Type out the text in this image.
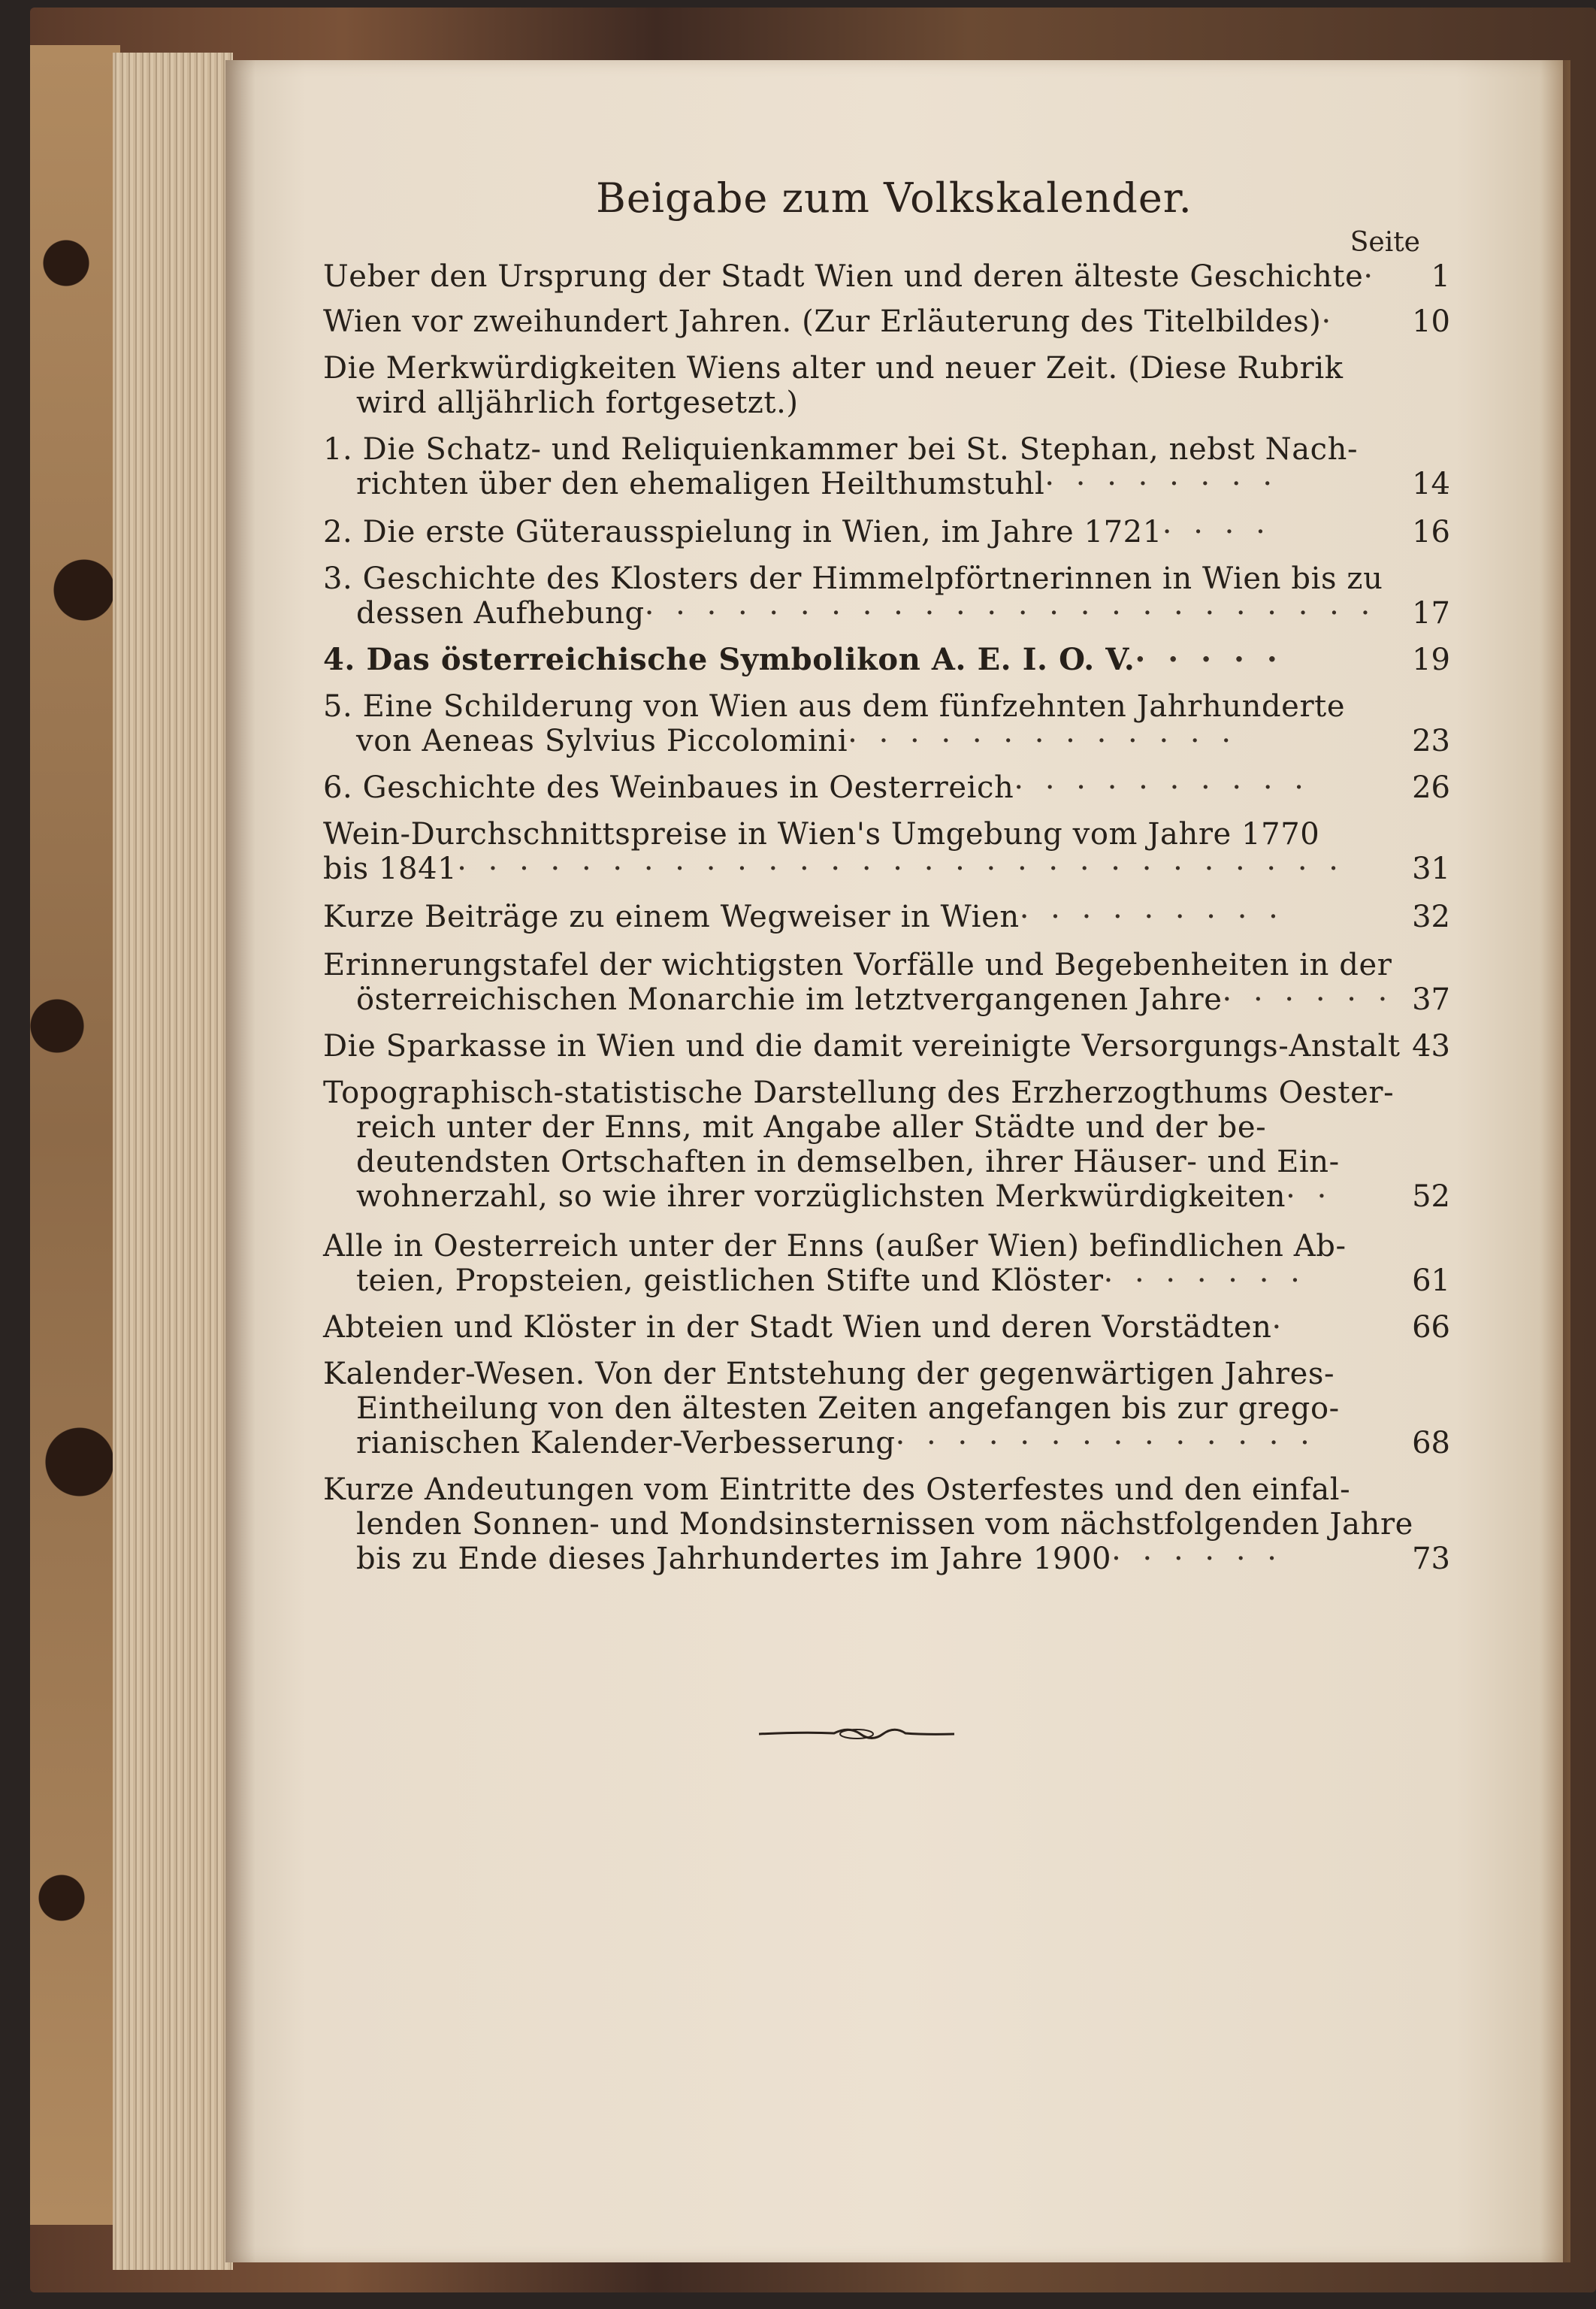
Beigabe zum Volkskalender.
Seite
Ueber den Ursprung der Stadt Wien und deren älteste Geschichte·	1
Wien vor zweihundert Jahren. (Zur Erläuterung des Titelbildes)·	10
Die Merkwürdigkeiten Wiens alter und neuer Zeit. (Diese Rubrik
wird alljährlich fortgesetzt.)
1. Die Schatz- und Reliquienkammer bei St. Stephan, nebst Nach-
richten über den ehemaligen Heilthumstuhl· · · · · · · ·	14
2. Die erste Güterausspielung in Wien, im Jahre 1721· · · ·	16
3. Geschichte des Klosters der Himmelpförtnerinnen in Wien bis zu
dessen Aufhebung· · · · · · · · · · · · · · · · · · · · · · · ·	17
4. Das österreichische Symbolikon A. E. I. O. V.· · · · ·	19
5. Eine Schilderung von Wien aus dem fünfzehnten Jahrhunderte
von Aeneas Sylvius Piccolomini· · · · · · · · · · · · ·	23
6. Geschichte des Weinbaues in Oesterreich· · · · · · · · · ·	26
Wein-Durchschnittspreise in Wien's Umgebung vom Jahre 1770
bis 1841· · · · · · · · · · · · · · · · · · · · · · · · · · · · ·	31
Kurze Beiträge zu einem Wegweiser in Wien· · · · · · · · ·	32
Erinnerungstafel der wichtigsten Vorfälle und Begebenheiten in der
österreichischen Monarchie im letztvergangenen Jahre· · · · · · 37
Die Sparkasse in Wien und die damit vereinigte Versorgungs-Anstalt 43
Topographisch-statistische Darstellung des Erzherzogthums Oester-
reich unter der Enns, mit Angabe aller Städte und der be-
deutendsten Ortschaften in demselben, ihrer Häuser- und Ein-
wohnerzahl, so wie ihrer vorzüglichsten Merkwürdigkeiten· ·	52
Alle in Oesterreich unter der Enns (außer Wien) befindlichen Ab-
teien, Propsteien, geistlichen Stifte und Klöster· · · · · · ·	61
Abteien und Klöster in der Stadt Wien und deren Vorstädten·	66
Kalender-Wesen. Von der Entstehung der gegenwärtigen Jahres-
Eintheilung von den ältesten Zeiten angefangen bis zur grego-
rianischen Kalender-Verbesserung· · · · · · · · · · · · · ·	68
Kurze Andeutungen vom Eintritte des Osterfestes und den einfal-
lenden Sonnen- und Mondsinsternissen vom nächstfolgenden Jahre
bis zu Ende dieses Jahrhundertes im Jahre 1900· · · · · ·	73
